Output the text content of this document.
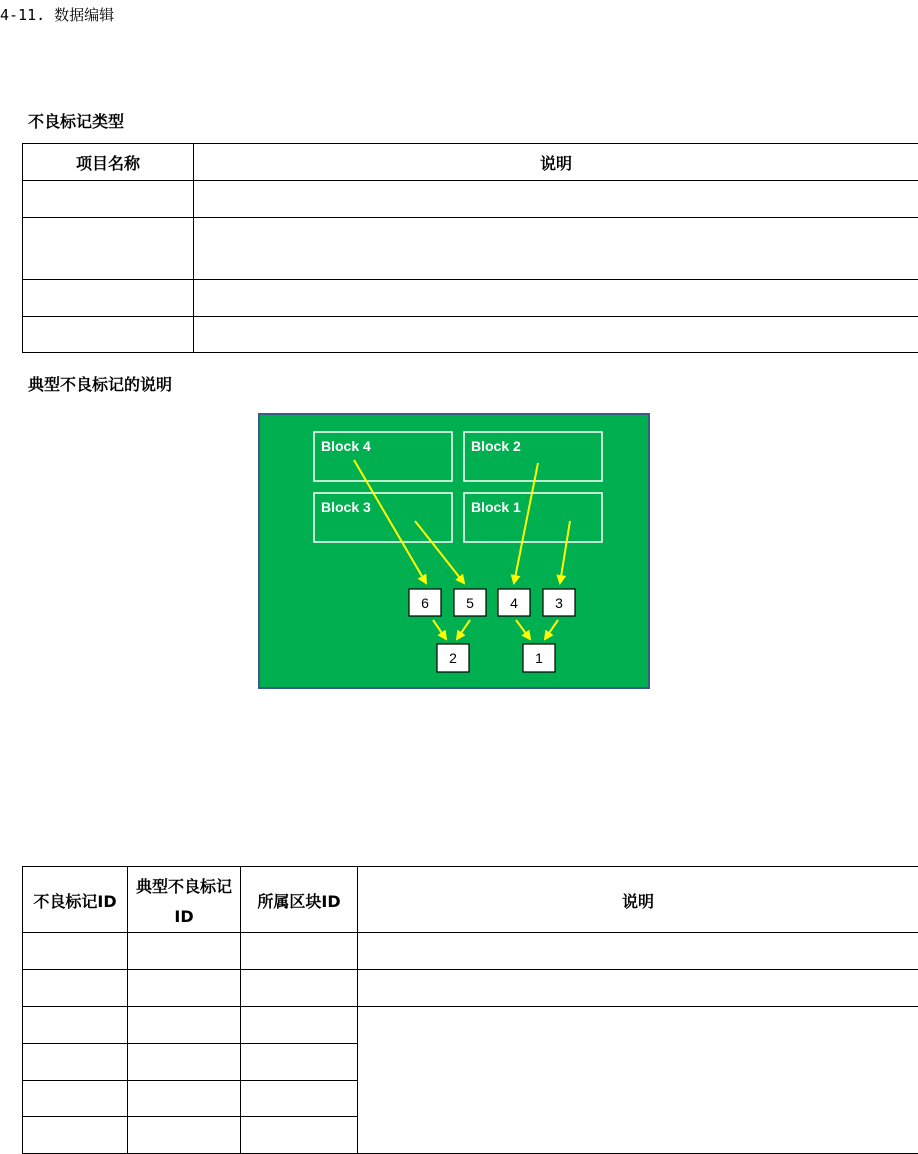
4-11. 数据编辑
不良标记类型
项目名称	说明

典型不良标记的说明
Block 4	Block 2
Block 3	Block 1
6	5	4	3
2	1
不良标记ID	典型不良标记 ID	所属区块ID	说明
